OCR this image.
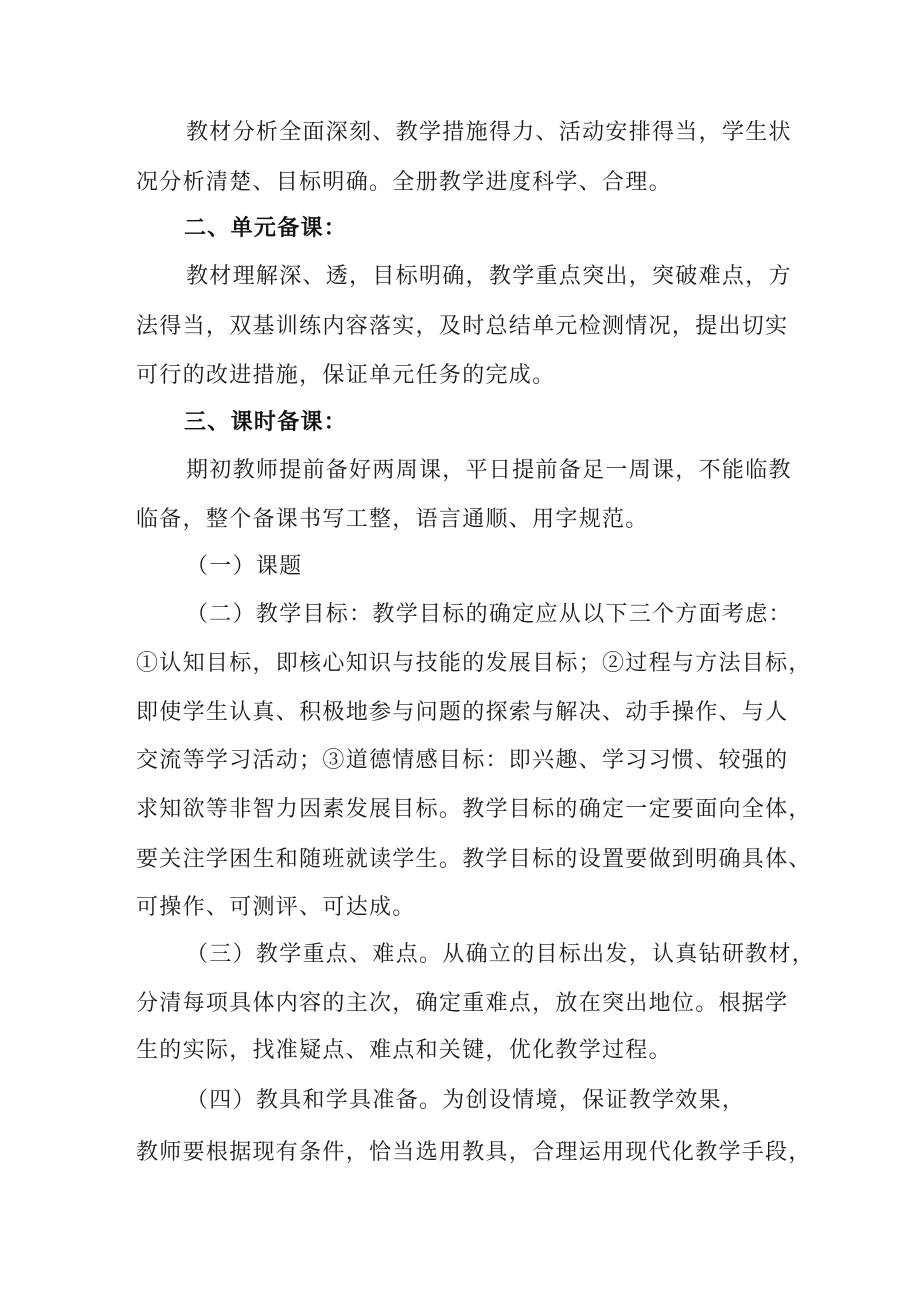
教材分析全面深刻、教学措施得力、活动安排得当，学生状
况分析清楚、目标明确。全册教学进度科学、合理。
二、单元备课：
教材理解深、透，目标明确，教学重点突出，突破难点，方
法得当，双基训练内容落实，及时总结单元检测情况，提出切实
可行的改进措施，保证单元任务的完成。
三、课时备课：
期初教师提前备好两周课，平日提前备足一周课，不能临教
临备，整个备课书写工整，语言通顺、用字规范。
（一）课题
（二）教学目标：教学目标的确定应从以下三个方面考虑：
①认知目标，即核心知识与技能的发展目标；②过程与方法目标，
即使学生认真、积极地参与问题的探索与解决、动手操作、与人
交流等学习活动；③道德情感目标：即兴趣、学习习惯、较强的
求知欲等非智力因素发展目标。教学目标的确定一定要面向全体，
要关注学困生和随班就读学生。教学目标的设置要做到明确具体、
可操作、可测评、可达成。
（三）教学重点、难点。从确立的目标出发，认真钻研教材，
分清每项具体内容的主次，确定重难点，放在突出地位。根据学
生的实际，找准疑点、难点和关键，优化教学过程。
（四）教具和学具准备。为创设情境，保证教学效果，
教师要根据现有条件，恰当选用教具，合理运用现代化教学手段，
